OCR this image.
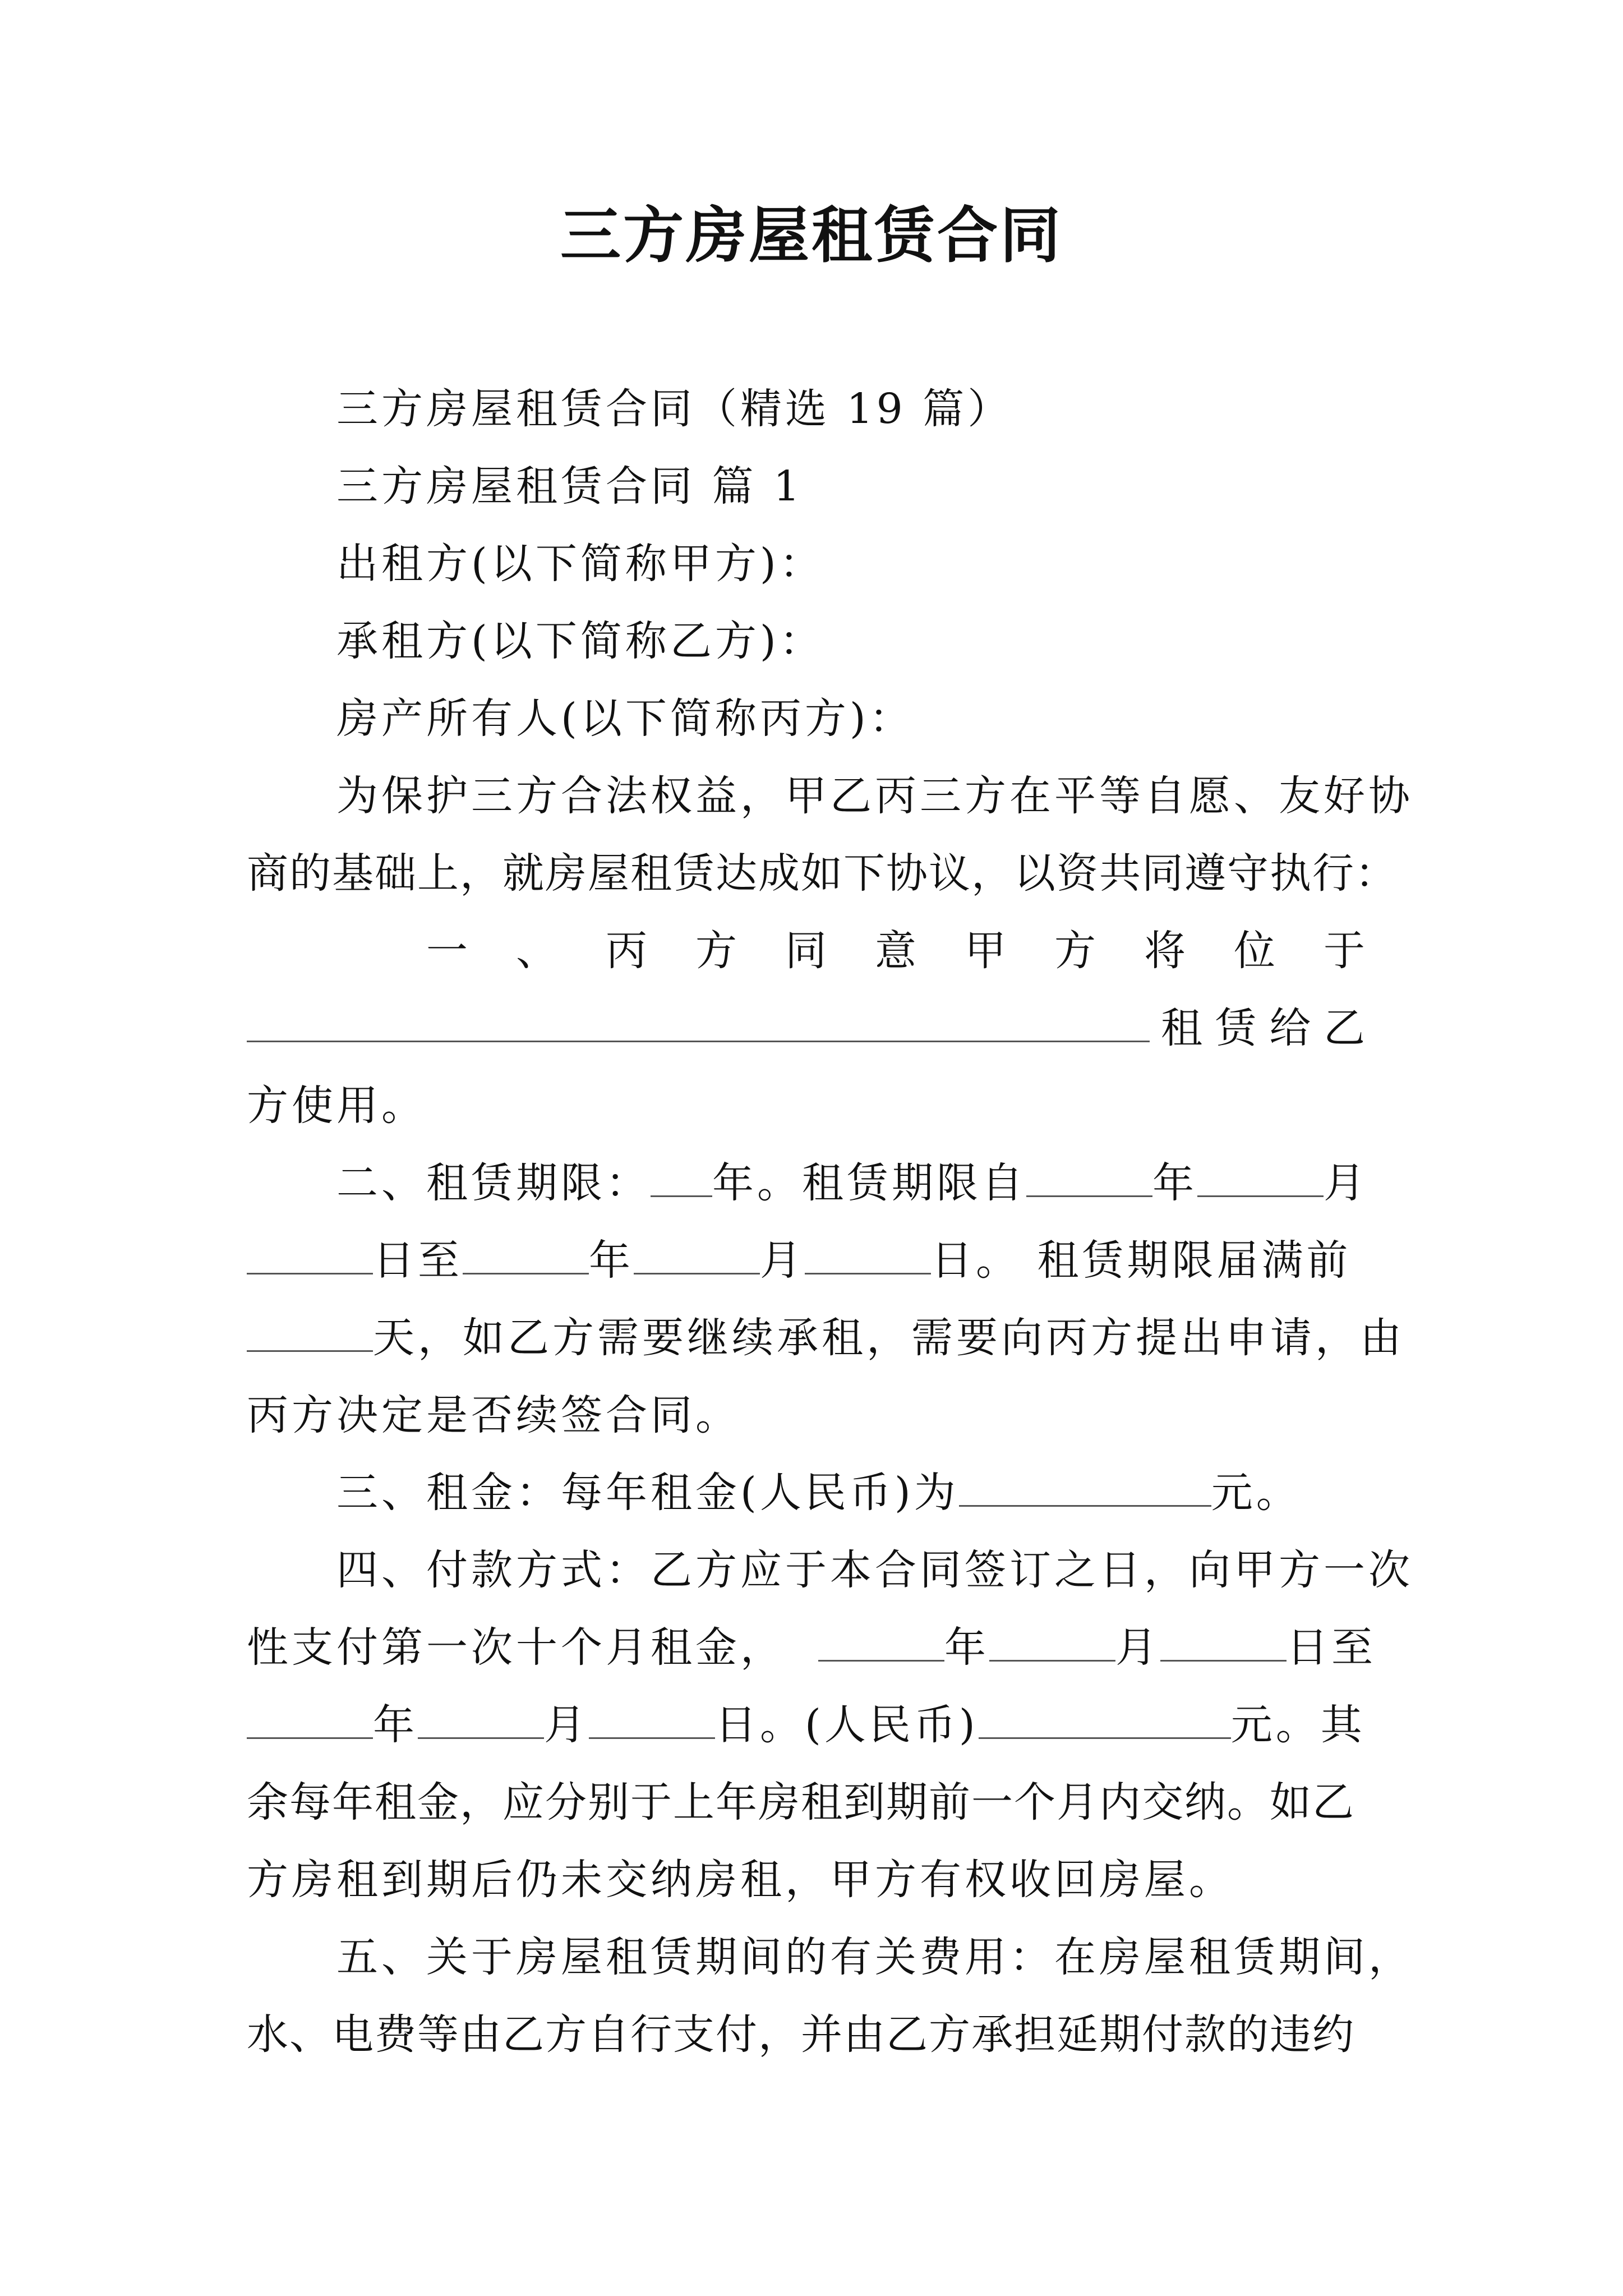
三方房屋租赁合同
三方房屋租赁合同（精选 19 篇）
三方房屋租赁合同 篇 1
出租方(以下简称甲方)：
承租方(以下简称乙方)：
房产所有人(以下简称丙方)：
为保护三方合法权益，甲乙丙三方在平等自愿、友好协
商的基础上，就房屋租赁达成如下协议，以资共同遵守执行：
一 、 丙 方 同 意 甲 方 将 位 于
租 赁 给 乙
方使用。
二、租赁期限： 年。租赁期限自	年	月
日至	年	月	日。 租赁期限届满前
天，如乙方需要继续承租，需要向丙方提出申请，由
丙方决定是否续签合同。
三、租金：每年租金(人民币)为	元。
四、付款方式：乙方应于本合同签订之日，向甲方一次
性支付第一次十个月租金，	年	月	日至
年	月	日。(人民币)	元。其
余每年租金，应分别于上年房租到期前一个月内交纳。如乙
方房租到期后仍未交纳房租，甲方有权收回房屋。
五、关于房屋租赁期间的有关费用：在房屋租赁期间，
水、电费等由乙方自行支付，并由乙方承担延期付款的违约
